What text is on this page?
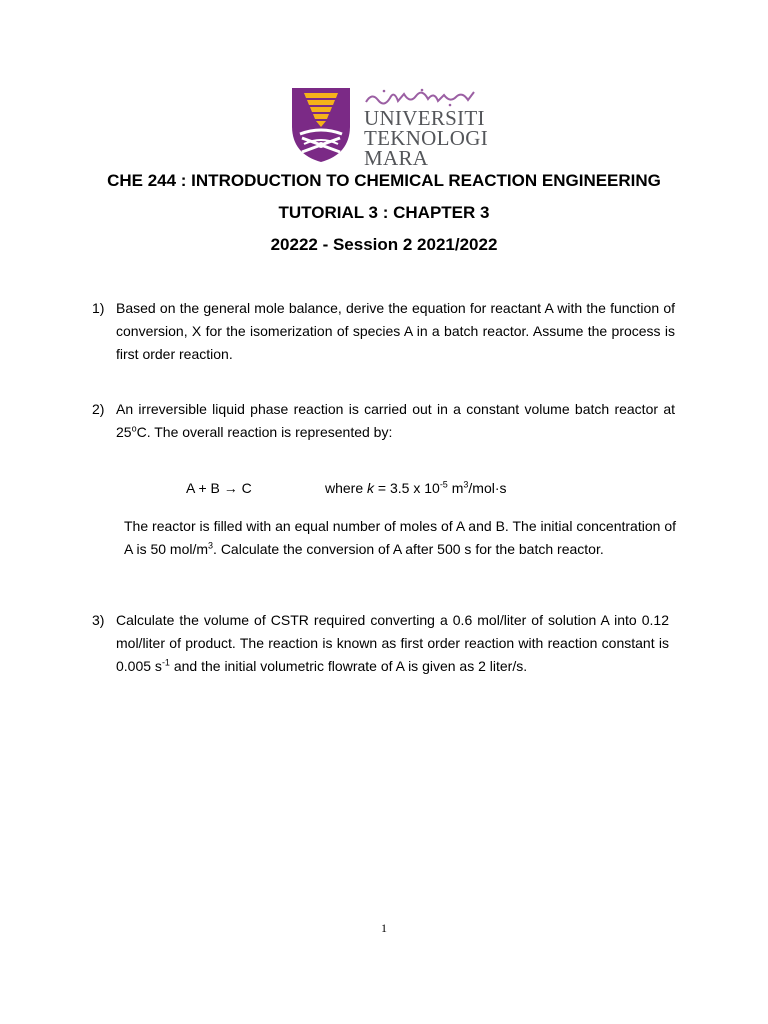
UNIVERSITI
TEKNOLOGI
MARA
CHE 244 : INTRODUCTION TO CHEMICAL REACTION ENGINEERING
TUTORIAL 3 : CHAPTER 3
20222 - Session 2 2021/2022
1) Based on the general mole balance, derive the equation for reactant A with the function of conversion, X for the isomerization of species A in a batch reactor. Assume the process is first order reaction.
2) An irreversible liquid phase reaction is carried out in a constant volume batch reactor at 25$^o$C. The overall reaction is represented by:
A + B → C	where k = 3.5 x $10^{-5}$ $m^3/mol\cdot s$
The reactor is filled with an equal number of moles of A and B. The initial concentration of A is 50 mol/$m^3$. Calculate the conversion of A after 500 s for the batch reactor.
3) Calculate the volume of CSTR required converting a 0.6 mol/liter of solution A into 0.12 mol/liter of product. The reaction is known as first order reaction with reaction constant is 0.005 $s^{-1}$ and the initial volumetric flowrate of A is given as 2 liter/s.
1
